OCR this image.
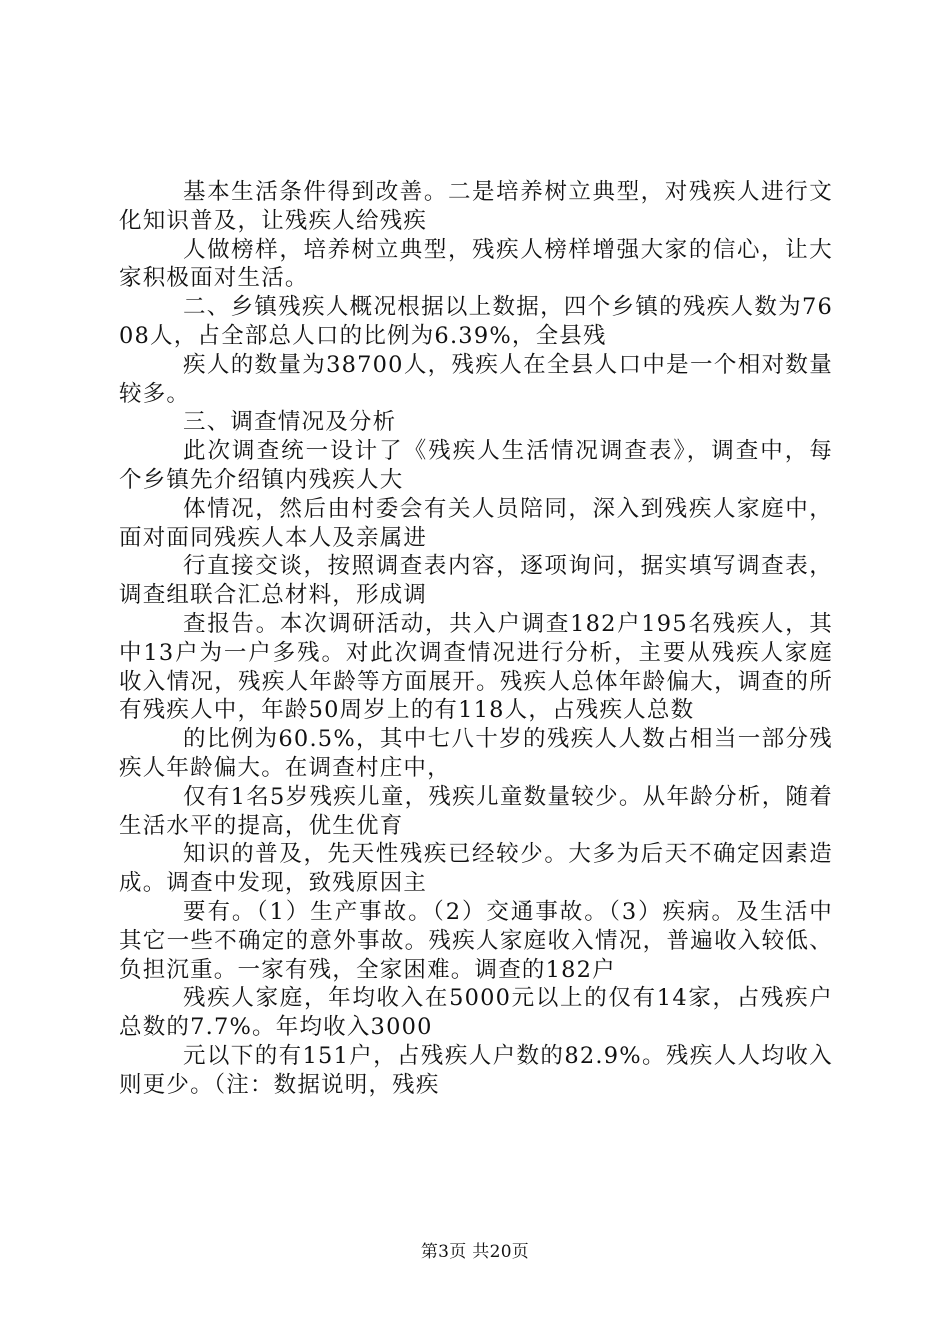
基本生活条件得到改善。二是培养树立典型，对残疾人进行文化知识普及，让残疾人给残疾

人做榜样，培养树立典型，残疾人榜样增强大家的信心，让大家积极面对生活。

二、乡镇残疾人概况根据以上数据，四个乡镇的残疾人数为7608人，占全部总人口的比例为6.39%，全县残

疾人的数量为38700人，残疾人在全县人口中是一个相对数量较多。

三、调查情况及分析

此次调查统一设计了《残疾人生活情况调查表》，调查中，每个乡镇先介绍镇内残疾人大

体情况，然后由村委会有关人员陪同，深入到残疾人家庭中，面对面同残疾人本人及亲属进

行直接交谈，按照调查表内容，逐项询问，据实填写调查表，调查组联合汇总材料，形成调

查报告。本次调研活动，共入户调查182户195名残疾人，其中13户为一户多残。对此次调查情况进行分析，主要从残疾人家庭收入情况，残疾人年龄等方面展开。残疾人总体年龄偏大，调查的所有残疾人中，年龄50周岁上的有118人，占残疾人总数

的比例为60.5%，其中七八十岁的残疾人人数占相当一部分残疾人年龄偏大。在调查村庄中，

仅有1名5岁残疾儿童，残疾儿童数量较少。从年龄分析，随着生活水平的提高，优生优育

知识的普及，先天性残疾已经较少。大多为后天不确定因素造成。调查中发现，致残原因主

要有。（1）生产事故。（2）交通事故。（3）疾病。及生活中其它一些不确定的意外事故。残疾人家庭收入情况，普遍收入较低、负担沉重。一家有残，全家困难。调查的182户

残疾人家庭，年均收入在5000元以上的仅有14家，占残疾户总数的7.7%。年均收入3000

元以下的有151户，占残疾人户数的82.9%。残疾人人均收入则更少。（注：数据说明，残疾

第3页 共20页
